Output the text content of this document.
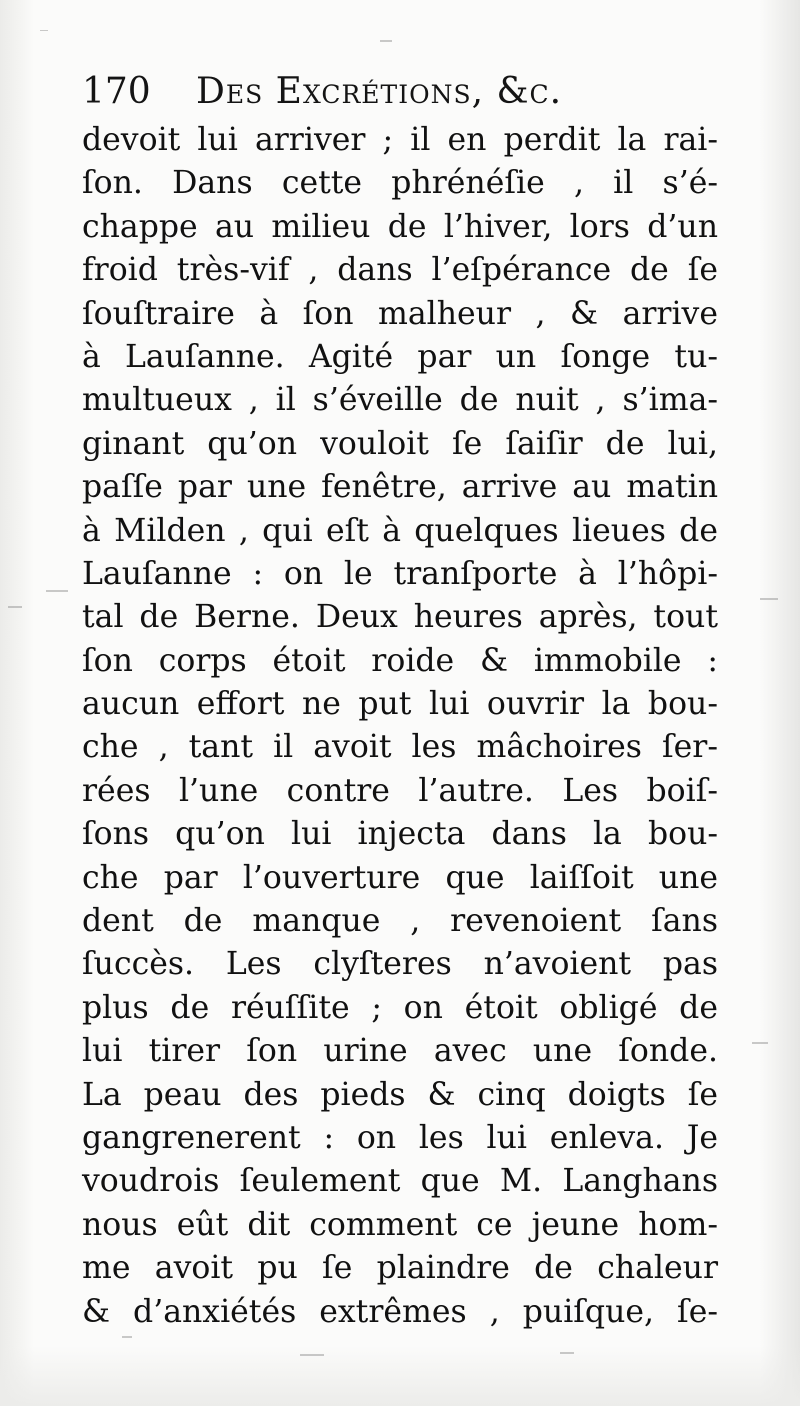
170 Des Excrétions, &c.
devoit lui arriver ; il en perdit la rai-
ſon. Dans cette phrénéſie , il s’é-
chappe au milieu de l’hiver, lors d’un
froid très-vif , dans l’eſpérance de ſe
ſouſtraire à ſon malheur , & arrive
à Lauſanne. Agité par un ſonge tu-
multueux , il s’éveille de nuit , s’ima-
ginant qu’on vouloit ſe ſaiſir de lui,
paſſe par une fenêtre, arrive au matin
à Milden , qui eſt à quelques lieues de
Lauſanne : on le tranſporte à l’hôpi-
tal de Berne. Deux heures après, tout
ſon corps étoit roide & immobile :
aucun effort ne put lui ouvrir la bou-
che , tant il avoit les mâchoires ſer-
rées l’une contre l’autre. Les boiſ-
ſons qu’on lui injecta dans la bou-
che par l’ouverture que laiſſoit une
dent de manque , revenoient ſans
ſuccès. Les clyſteres n’avoient pas
plus de réuſſite ; on étoit obligé de
lui tirer ſon urine avec une ſonde.
La peau des pieds & cinq doigts ſe
gangrenerent : on les lui enleva. Je
voudrois ſeulement que M. Langhans
nous eût dit comment ce jeune hom-
me avoit pu ſe plaindre de chaleur
& d’anxiétés extrêmes , puiſque, ſe-
